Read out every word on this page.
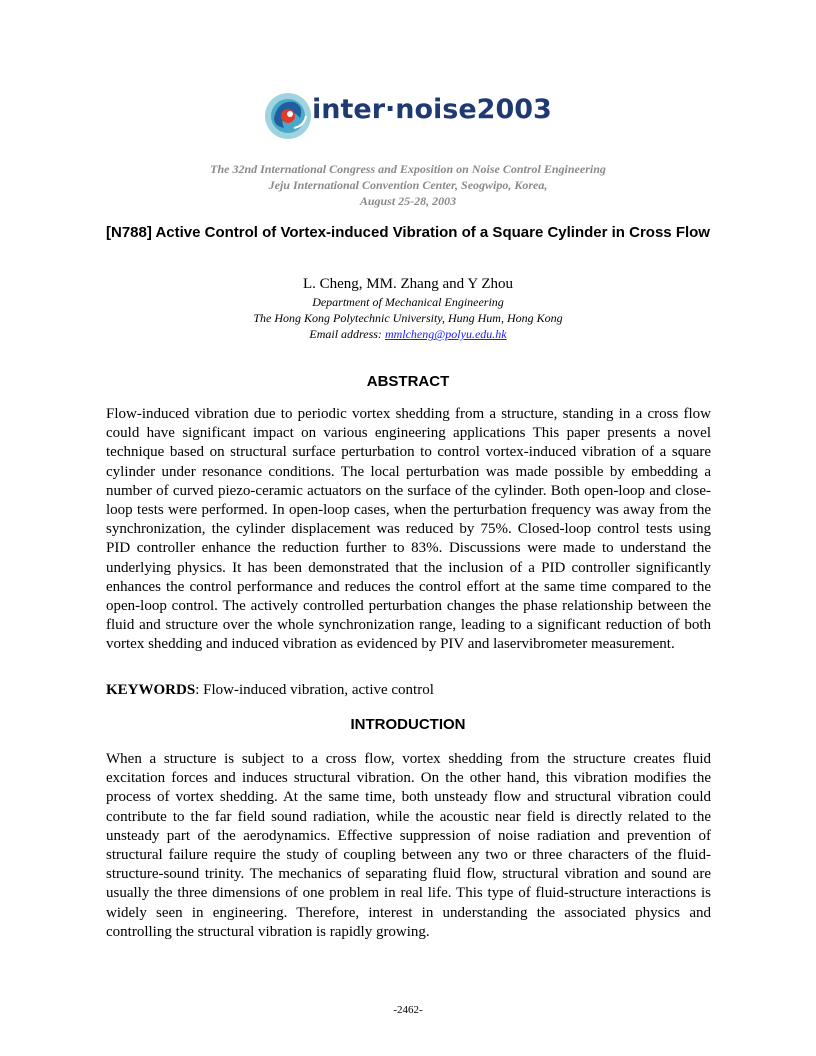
inter·noise2003
The 32nd International Congress and Exposition on Noise Control Engineering
Jeju International Convention Center, Seogwipo, Korea,
August 25-28, 2003
[N788] Active Control of Vortex-induced Vibration of a Square Cylinder in Cross Flow
L. Cheng, MM. Zhang and Y Zhou
Department of Mechanical Engineering
The Hong Kong Polytechnic University, Hung Hum, Hong Kong
Email address: mmlcheng@polyu.edu.hk
ABSTRACT
Flow-induced vibration due to periodic vortex shedding from a structure, standing in a cross flow could have significant impact on various engineering applications This paper presents a novel technique based on structural surface perturbation to control vortex-induced vibration of a square cylinder under resonance conditions. The local perturbation was made possible by embedding a number of curved piezo-ceramic actuators on the surface of the cylinder. Both open-loop and close-loop tests were performed. In open-loop cases, when the perturbation frequency was away from the synchronization, the cylinder displacement was reduced by 75%. Closed-loop control tests using PID controller enhance the reduction further to 83%. Discussions were made to understand the underlying physics. It has been demonstrated that the inclusion of a PID controller significantly enhances the control performance and reduces the control effort at the same time compared to the open-loop control. The actively controlled perturbation changes the phase relationship between the fluid and structure over the whole synchronization range, leading to a significant reduction of both vortex shedding and induced vibration as evidenced by PIV and laservibrometer measurement.
KEYWORDS: Flow-induced vibration, active control
INTRODUCTION
When a structure is subject to a cross flow, vortex shedding from the structure creates fluid excitation forces and induces structural vibration. On the other hand, this vibration modifies the process of vortex shedding. At the same time, both unsteady flow and structural vibration could contribute to the far field sound radiation, while the acoustic near field is directly related to the unsteady part of the aerodynamics. Effective suppression of noise radiation and prevention of structural failure require the study of coupling between any two or three characters of the fluid-structure-sound trinity. The mechanics of separating fluid flow, structural vibration and sound are usually the three dimensions of one problem in real life. This type of fluid-structure interactions is widely seen in engineering. Therefore, interest in understanding the associated physics and controlling the structural vibration is rapidly growing.
-2462-
